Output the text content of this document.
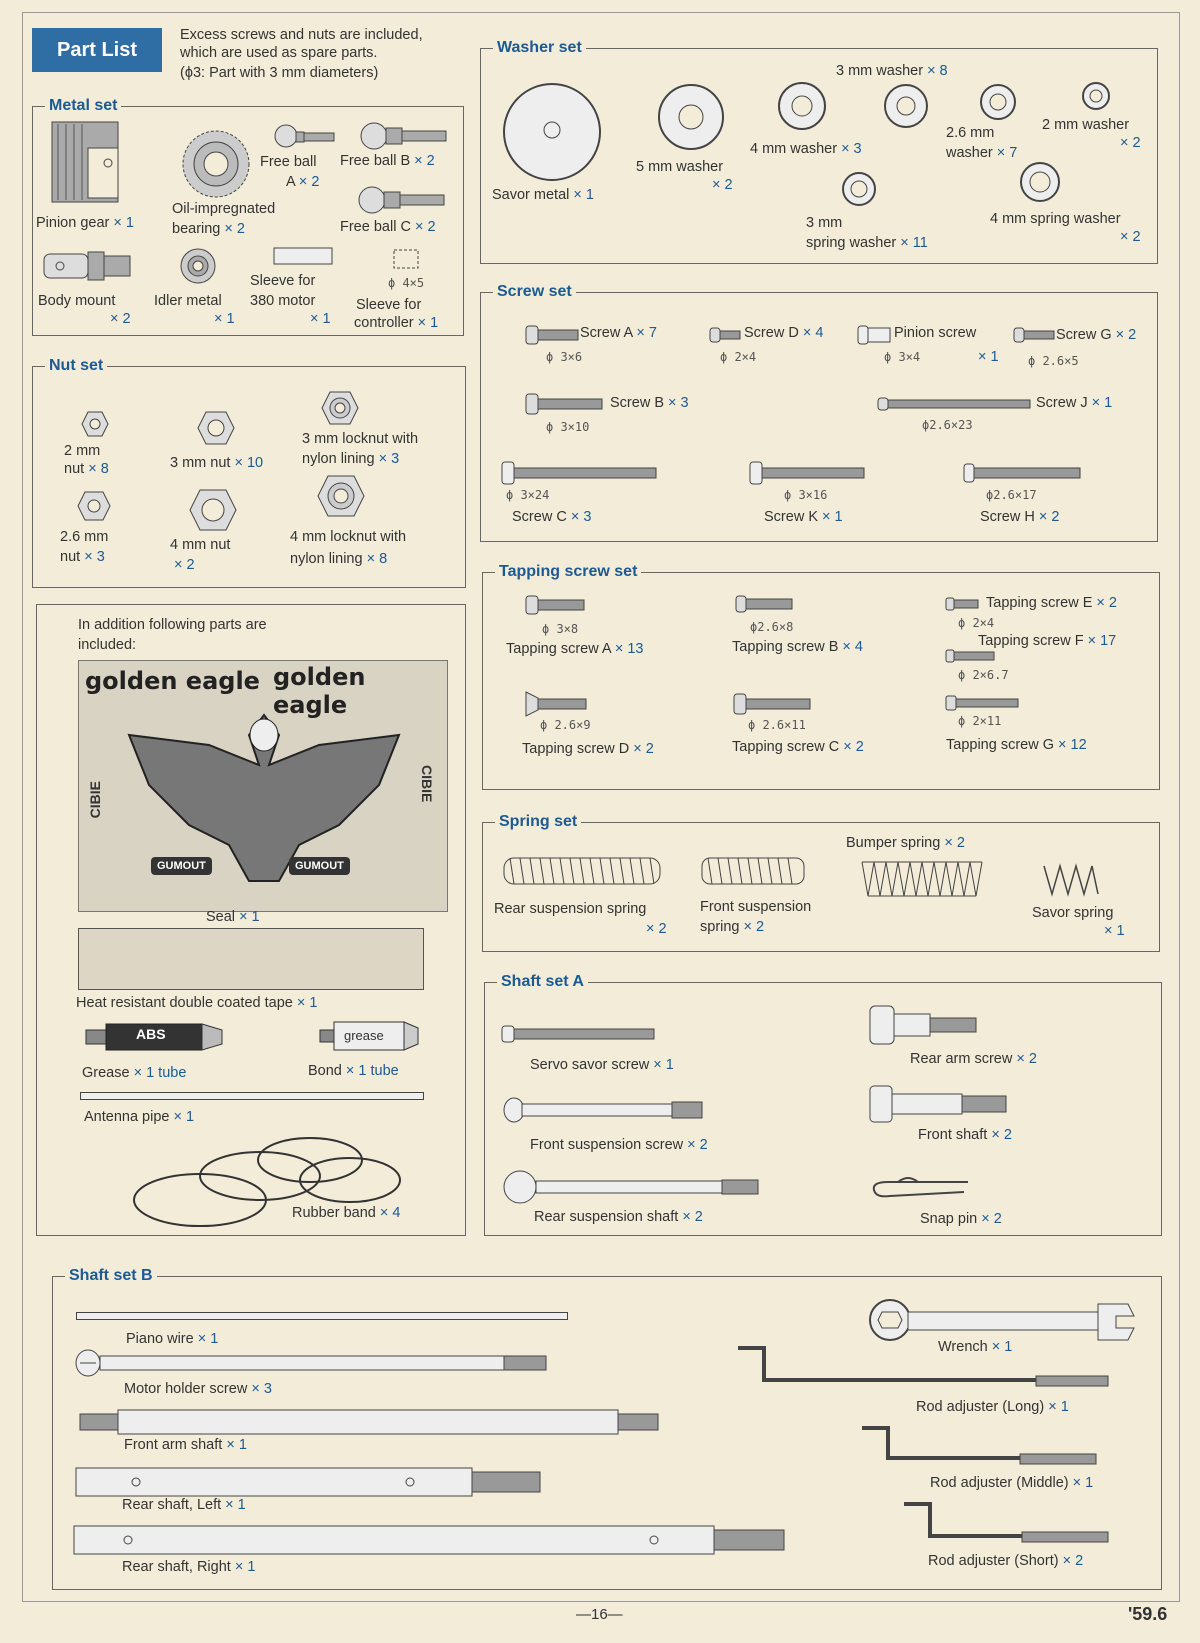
Part List
Excess screws and nuts are included,
which are used as spare parts.
(ϕ3: Part with 3 mm diameters)
Metal set
Pinion gear × 1
Oil-impregnated
bearing × 2
Free ball
A × 2
Free ball B × 2
Free ball C × 2
Body mount
× 2
Idler metal
× 1
Sleeve for
380 motor
× 1
ϕ 4×5
Sleeve for
controller × 1
Nut set
2 mm
nut × 8	3 mm nut × 10
3 mm locknut with
nylon lining × 3
2.6 mm
nut × 3
4 mm nut
× 2
4 mm locknut with
nylon lining × 8
In addition following parts are
included:
golden eagle golden eagle
CIBIE	CIBIE
GUMOUT	GUMOUT
Seal × 1
Heat resistant double coated tape × 1
ABS	grease
Grease × 1 tube	Bond × 1 tube
Antenna pipe × 1
Rubber band × 4
Washer set
Savor metal × 1
5 mm washer
× 2
4 mm washer × 3
3 mm washer × 8
2.6 mm
washer × 7
2 mm washer
× 2
3 mm
spring washer × 11
4 mm spring washer
× 2
Screw set
Screw A × 7
ϕ 3×6
Screw D × 4
ϕ 2×4
Pinion screw
ϕ 3×4	× 1
Screw G × 2
ϕ 2.6×5
Screw B × 3
ϕ 3×10
Screw J × 1
ϕ2.6×23
ϕ 3×24
Screw C × 3
ϕ 3×16
Screw K × 1
ϕ2.6×17
Screw H × 2
Tapping screw set
ϕ 3×8
Tapping screw A × 13
ϕ2.6×8
Tapping screw B × 4
Tapping screw E × 2
ϕ 2×4
Tapping screw F × 17
ϕ 2×6.7
ϕ 2.6×9
Tapping screw D × 2
ϕ 2.6×11
Tapping screw C × 2
ϕ 2×11
Tapping screw G × 12
Spring set
Rear suspension spring
× 2
Front suspension
spring × 2
Bumper spring × 2
Savor spring
× 1
Shaft set A
Servo savor screw × 1	Rear arm screw × 2
Front suspension screw × 2
Front shaft × 2
Rear suspension shaft × 2	Snap pin × 2
Shaft set B
Piano wire × 1
Motor holder screw × 3
Front arm shaft × 1
Rear shaft, Left × 1
Rear shaft, Right × 1
Wrench × 1
Rod adjuster (Long) × 1
Rod adjuster (Middle) × 1
Rod adjuster (Short) × 2
—16—	'59.6
